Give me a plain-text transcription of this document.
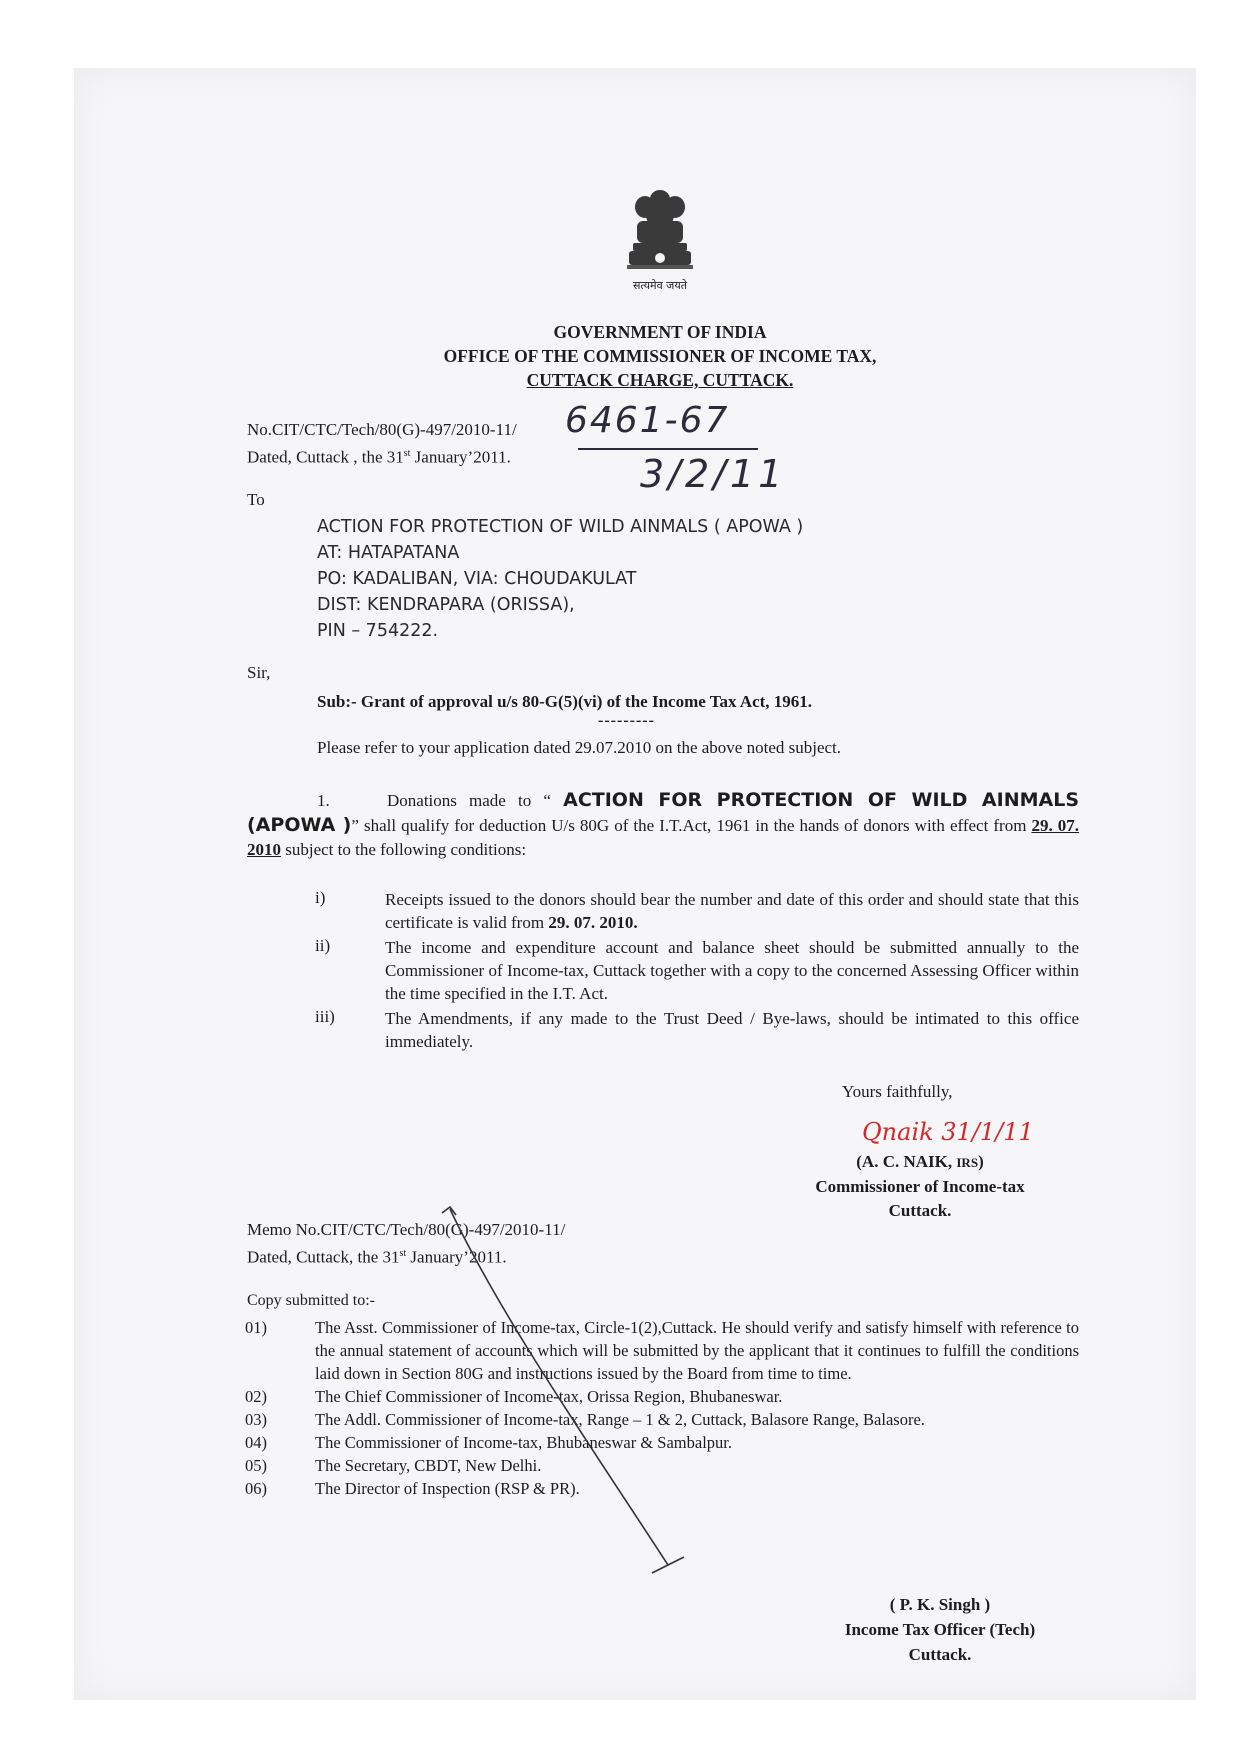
सत्यमेव जयते
GOVERNMENT OF INDIA
OFFICE OF THE COMMISSIONER OF INCOME TAX,
CUTTACK CHARGE, CUTTACK.
No.CIT/CTC/Tech/80(G)-497/2010-11/
Dated, Cuttack , the 31st January’2011.
6461-67
3/2/11
To
ACTION FOR PROTECTION OF WILD AINMALS ( APOWA )
AT: HATAPATANA
PO: KADALIBAN, VIA: CHOUDAKULAT
DIST: KENDRAPARA (ORISSA),
PIN – 754222.
Sir,
Sub:- Grant of approval u/s 80-G(5)(vi) of the Income Tax Act, 1961.
---------
Please refer to your application dated 29.07.2010 on the above noted subject.
1.	Donations made to “ ACTION FOR PROTECTION OF WILD AINMALS (APOWA )” shall qualify for deduction U/s 80G of the I.T.Act, 1961 in the hands of donors with effect from 29. 07. 2010 subject to the following conditions:
i)	Receipts issued to the donors should bear the number and date of this order and should state that this certificate is valid from 29. 07. 2010.
ii)	The income and expenditure account and balance sheet should be submitted annually to the Commissioner of Income-tax, Cuttack together with a copy to the concerned Assessing Officer within the time specified in the I.T. Act.
iii)	The Amendments, if any made to the Trust Deed / Bye-laws, should be intimated to this office immediately.
Yours faithfully,
Qnaik 31/1/11
(A. C. NAIK, IRS)
Commissioner of Income-tax
Cuttack.
Memo No.CIT/CTC/Tech/80(G)-497/2010-11/
Dated, Cuttack, the 31st January’2011.
Copy submitted to:-
01)	The Asst. Commissioner of Income-tax, Circle-1(2),Cuttack. He should verify and satisfy himself with reference to the annual statement of accounts which will be submitted by the applicant that it continues to fulfill the conditions laid down in Section 80G and instructions issued by the Board from time to time.
02)	The Chief Commissioner of Income-tax, Orissa Region, Bhubaneswar.
03)	The Addl. Commissioner of Income-tax, Range – 1 & 2, Cuttack, Balasore Range, Balasore.
04)	The Commissioner of Income-tax, Bhubaneswar & Sambalpur.
05)	The Secretary, CBDT, New Delhi.
06)	The Director of Inspection (RSP & PR).
( P. K. Singh )
Income Tax Officer (Tech)
Cuttack.
